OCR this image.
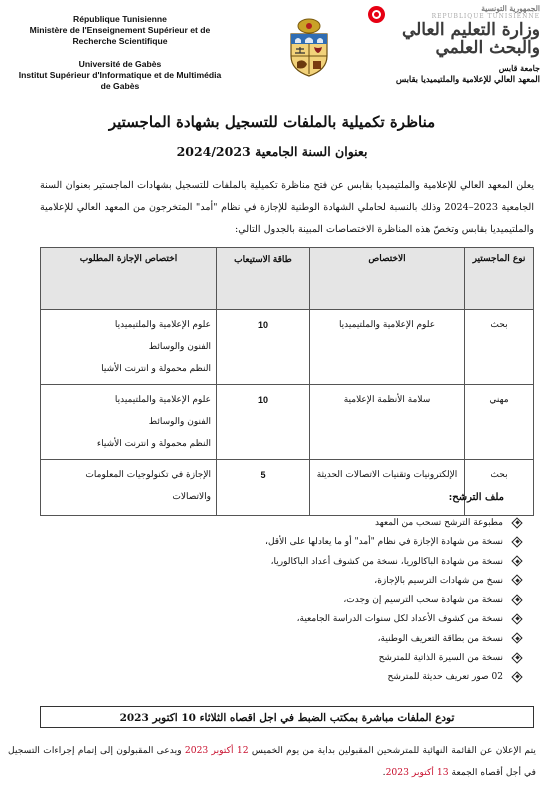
République Tunisienne
Ministère de l'Enseignement Supérieur et de
Recherche Scientifique
Université de Gabès
Institut Supérieur d'Informatique et de Multimédia
de Gabès
الجمهورية التونسية
REPUBLIQUE TUNISIENNE
وزارة التعليم العالي
والبحث العلمي
جامعة قابس
المعهد العالي للإعلامية والملتيميديا بقابس
مناظرة تكميلية بالملفات للتسجيل بشهادة الماجستير
بعنوان السنة الجامعية 2024/2023
يعلن المعهد العالي للإعلامية والملتيميديا بقابس عن فتح مناظرة تكميلية بالملفات للتسجيل بشهادات الماجستير بعنوان السنة الجامعية 2023–2024 وذلك بالنسبة لحاملي الشهادة الوطنية للإجازة في نظام "أمد" المتخرجون من المعهد العالي للإعلامية والملتيميديا بقابس وتخصّ هذه المناظرة الاختصاصات المبينة بالجدول التالي:
نوع الماجستير	الاختصاص	طاقة الاستيعاب	اختصاص الإجازة المطلوب
بحث	علوم الإعلامية والملتيميديا	10	علوم الإعلامية والملتيميديا
الفنون والوسائط
النظم محمولة و انترنت الأشيا

مهني	سلامة الأنظمة الإعلامية	10	علوم الإعلامية والملتيميديا
الفنون والوسائط
النظم محمولة و انترنت الأشياء

بحث	الإلكترونيات وتقنيات الاتصالات الحديثة	5	الإجازة في تكنولوجيات المعلومات والاتصالات	ملف الترشح:
مطبوعة الترشح تسحب من المعهد
نسخة من شهادة الإجازة في نظام "أمد" أو ما يعادلها على الأقل،
نسخة من شهادة الباكالوريا، نسخة من كشوف أعداد الباكالوريا،
نسخ من شهادات الترسيم بالإجازة،
نسخة من شهادة سحب الترسيم إن وجدت،
نسخة من كشوف الأعداد لكل سنوات الدراسة الجامعية،
نسخة من بطاقة التعريف الوطنية،
نسخة من السيرة الذاتية للمترشح
02 صور تعريف حديثة للمترشح
تودع الملفات مباشرة بمكتب الضبط في اجل اقصاه الثلاثاء 10 اكتوبر 2023
يتم الإعلان عن القائمة النهائية للمترشحين المقبولين بداية من يوم الخميس 12 أكتوبر 2023 ويدعى المقبولون إلى إتمام إجراءات التسجيل في أجل أقصاه الجمعة 13 أكتوبر 2023.
